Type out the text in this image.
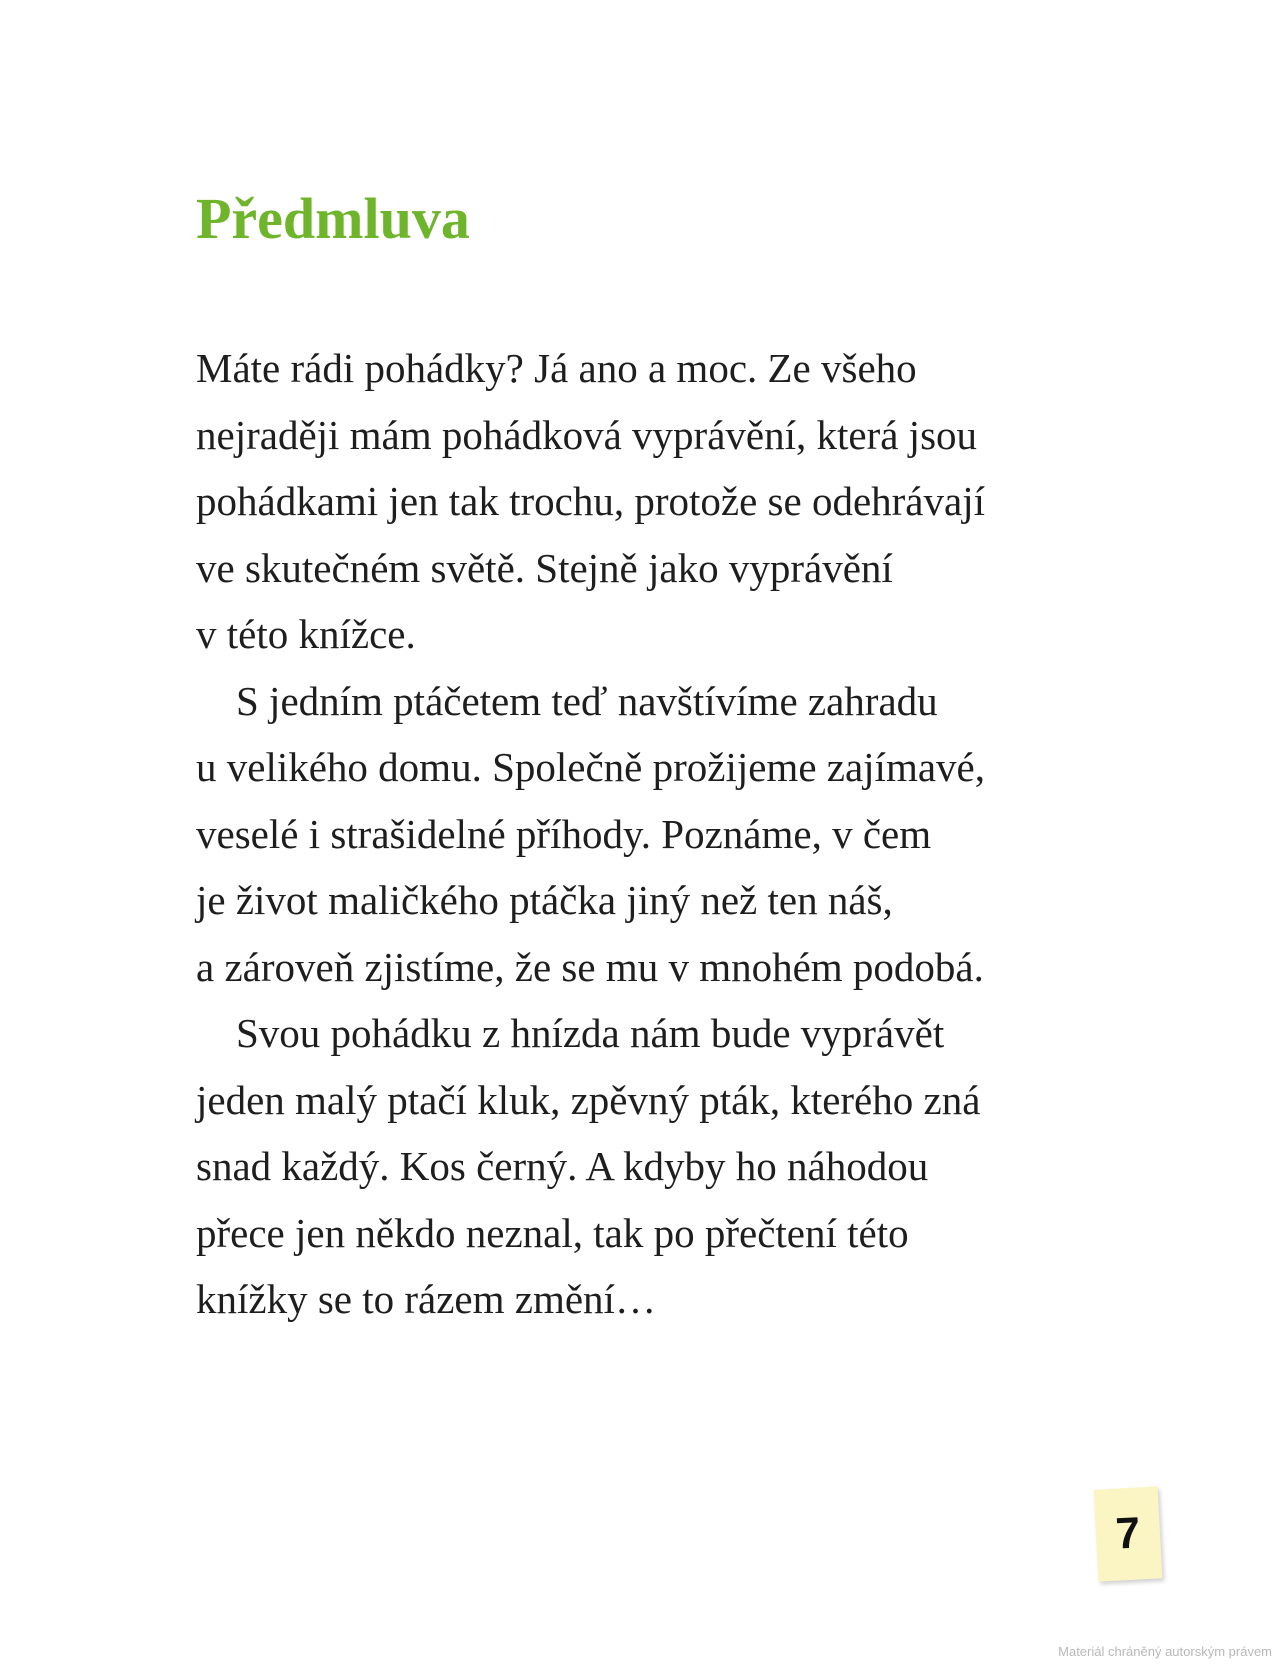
Předmluva
Máte rádi pohádky? Já ano a moc. Ze všeho
nejraději mám pohádková vyprávění, která jsou
pohádkami jen tak trochu, protože se odehrávají
ve skutečném světě. Stejně jako vyprávění
v této knížce.
S jedním ptáčetem teď navštívíme zahradu
u velikého domu. Společně prožijeme zajímavé,
veselé i strašidelné příhody. Poznáme, v čem
je život maličkého ptáčka jiný než ten náš,
a zároveň zjistíme, že se mu v mnohém podobá.
Svou pohádku z hnízda nám bude vyprávět
jeden malý ptačí kluk, zpěvný pták, kterého zná
snad každý. Kos černý. A kdyby ho náhodou
přece jen někdo neznal, tak po přečtení této
knížky se to rázem změní…
7
Materiál chráněný autorským právem
